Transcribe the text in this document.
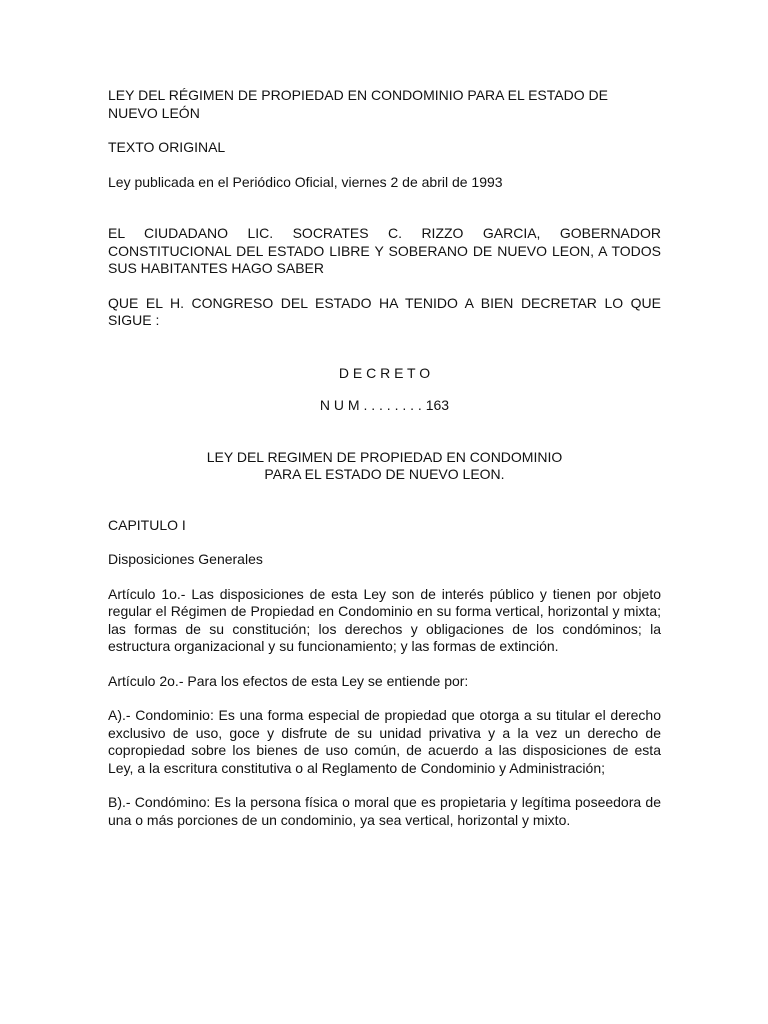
LEY DEL RÉGIMEN DE PROPIEDAD EN CONDOMINIO PARA EL ESTADO DE NUEVO LEÓN

TEXTO ORIGINAL

Ley publicada en el Periódico Oficial, viernes 2 de abril de 1993

EL CIUDADANO LIC. SOCRATES C. RIZZO GARCIA, GOBERNADOR CONSTITUCIONAL DEL ESTADO LIBRE Y SOBERANO DE NUEVO LEON, A TODOS SUS HABITANTES HAGO SABER

QUE EL H. CONGRESO DEL ESTADO HA TENIDO A BIEN DECRETAR LO QUE SIGUE :

D E C R E T O

N U M . . . . . . . . 163

LEY DEL REGIMEN DE PROPIEDAD EN CONDOMINIO
PARA EL ESTADO DE NUEVO LEON.

CAPITULO I

Disposiciones Generales

Artículo 1o.- Las disposiciones de esta Ley son de interés público y tienen por objeto regular el Régimen de Propiedad en Condominio en su forma vertical, horizontal y mixta; las formas de su constitución; los derechos y obligaciones de los condóminos; la estructura organizacional y su funcionamiento; y las formas de extinción.

Artículo 2o.- Para los efectos de esta Ley se entiende por:

A).- Condominio: Es una forma especial de propiedad que otorga a su titular el derecho exclusivo de uso, goce y disfrute de su unidad privativa y a la vez un derecho de copropiedad sobre los bienes de uso común, de acuerdo a las disposiciones de esta Ley, a la escritura constitutiva o al Reglamento de Condominio y Administración;

B).- Condómino: Es la persona física o moral que es propietaria y legítima poseedora de una o más porciones de un condominio, ya sea vertical, horizontal y mixto.
